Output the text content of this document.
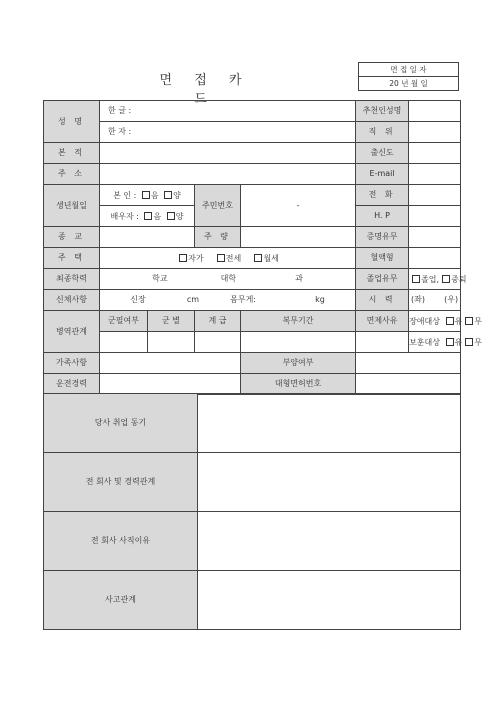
면 접 카 드
면 접 일 자
20 년 월 일
성 명	한 글 :				추천인성명	
	한 자 :				직 위	
본 적					출신도	
주 소					E-mail	
생년월일	본 인 : 음 양		주민번호	-	전 화	
	배우자 : 음 양				H. P	
종 교			주 량		증명유무	
주 택	자가 전세 월세				혈액형	
최종학력	학교 대학 과				졸업유무	졸업, 중퇴
신체사항	신장 cm 몸무게: kg				시 력	(좌) (우)
병역관계	군필여부	군 별	계 급	복무기간	면제사유	장애대상 유 무
						보훈대상 유 무
가족사항				부양여부		
운전경력				대형면허번호		
당사 취업 동기	
전 회사 및 경력관계	
전 회사 사직이유	
사고관계	
